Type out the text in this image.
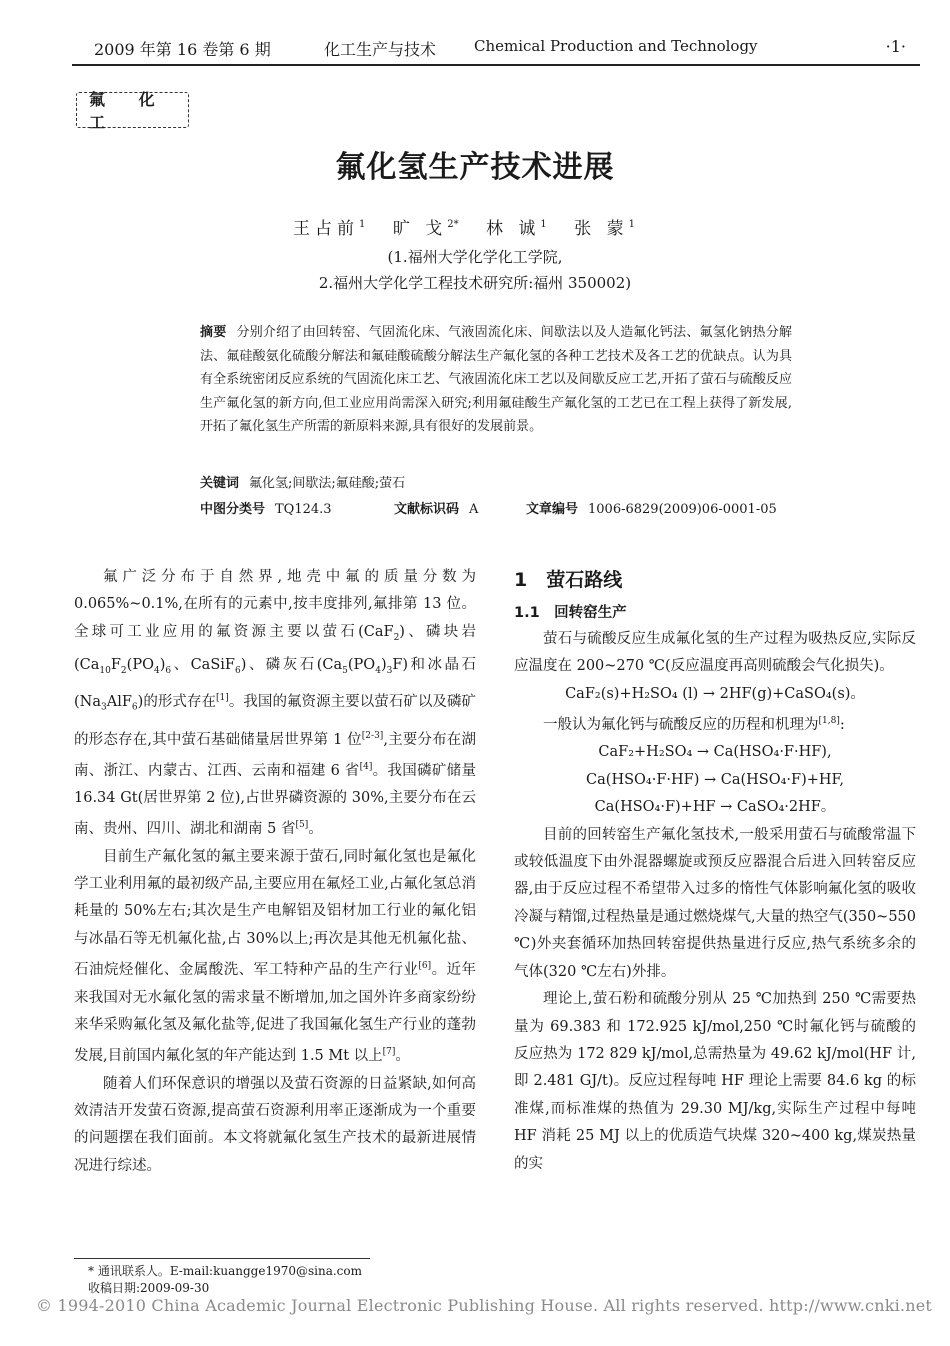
2009 年第 16 卷第 6 期	化工生产与技术	Chemical Production and Technology	·1·
氟 化 工
氟化氢生产技术进展
王占前$^1$ 旷 戈$^{2*}$ 林 诚$^1$ 张 蒙$^1$
(1.福州大学化学化工学院,
2.福州大学化学工程技术研究所:福州 350002)
摘要 分别介绍了由回转窑、气固流化床、气液固流化床、间歇法以及人造氟化钙法、氟氢化钠热分解法、氟硅酸氨化硫酸分解法和氟硅酸硫酸分解法生产氟化氢的各种工艺技术及各工艺的优缺点。认为具有全系统密闭反应系统的气固流化床工艺、气液固流化床工艺以及间歇反应工艺,开拓了萤石与硫酸反应生产氟化氢的新方向,但工业应用尚需深入研究;利用氟硅酸生产氟化氢的工艺已在工程上获得了新发展,开拓了氟化氢生产所需的新原料来源,具有很好的发展前景。
关键词 氟化氢;间歇法;氟硅酸;萤石
中图分类号 TQ124.3	文献标识码 A	文章编号 1006-6829(2009)06-0001-05

氟广泛分布于自然界,地壳中氟的质量分数为0.065%~0.1%,在所有的元素中,按丰度排列,氟排第 13 位。全球可工业应用的氟资源主要以萤石(CaF$_2$)、磷块岩($Ca_{10}F_2(PO_4)_6$、CaSiF$_6$)、磷灰石$(Ca_5(PO_4)_3F)$和冰晶石$(Na_3AlF_6)$的形式存在[1]。我国的氟资源主要以萤石矿以及磷矿的形态存在,其中萤石基础储量居世界第 1 位[2-3],主要分布在湖南、浙江、内蒙古、江西、云南和福建 6 省[4]。我国磷矿储量 16.34 Gt(居世界第 2 位),占世界磷资源的 30%,主要分布在云南、贵州、四川、湖北和湖南 5 省[5]。

目前生产氟化氢的氟主要来源于萤石,同时氟化氢也是氟化学工业利用氟的最初级产品,主要应用在氟烃工业,占氟化氢总消耗量的 50%左右;其次是生产电解铝及铝材加工行业的氟化铝与冰晶石等无机氟化盐,占 30%以上;再次是其他无机氟化盐、石油烷烃催化、金属酸洗、军工特种产品的生产行业[6]。近年来我国对无水氟化氢的需求量不断增加,加之国外许多商家纷纷来华采购氟化氢及氟化盐等,促进了我国氟化氢生产行业的蓬勃发展,目前国内氟化氢的年产能达到 1.5 Mt 以上[7]。

随着人们环保意识的增强以及萤石资源的日益紧缺,如何高效清洁开发萤石资源,提高萤石资源利用率正逐渐成为一个重要的问题摆在我们面前。本文将就氟化氢生产技术的最新进展情况进行综述。

1　萤石路线
1.1　回转窑生产

萤石与硫酸反应生成氟化氢的生产过程为吸热反应,实际反应温度在 200~270 ℃(反应温度再高则硫酸会气化损失)。

CaF₂(s)+H₂SO₄ (l) → 2HF(g)+CaSO₄(s)。

一般认为氟化钙与硫酸反应的历程和机理为[1,8]:

CaF₂+H₂SO₄ → Ca(HSO₄·F·HF),
Ca(HSO₄·F·HF) → Ca(HSO₄·F)+HF,
Ca(HSO₄·F)+HF → CaSO₄·2HF。

目前的回转窑生产氟化氢技术,一般采用萤石与硫酸常温下或较低温度下由外混器螺旋或预反应器混合后进入回转窑反应器,由于反应过程不希望带入过多的惰性气体影响氟化氢的吸收冷凝与精馏,过程热量是通过燃烧煤气,大量的热空气(350~550 ℃)外夹套循环加热回转窑提供热量进行反应,热气系统多余的气体(320 ℃左右)外排。

理论上,萤石粉和硫酸分别从 25 ℃加热到 250 ℃需要热量为 69.383 和 172.925 kJ/mol,250 ℃时氟化钙与硫酸的反应热为 172 829 kJ/mol,总需热量为 49.62 kJ/mol(HF 计,即 2.481 GJ/t)。反应过程每吨 HF 理论上需要 84.6 kg 的标准煤,而标准煤的热值为 29.30 MJ/kg,实际生产过程中每吨 HF 消耗 25 MJ 以上的优质造气块煤 320~400 kg,煤炭热量的实

* 通讯联系人。E-mail:kuangge1970@sina.com
收稿日期:2009-09-30
© 1994-2010 China Academic Journal Electronic Publishing House. All rights reserved. http://www.cnki.net
